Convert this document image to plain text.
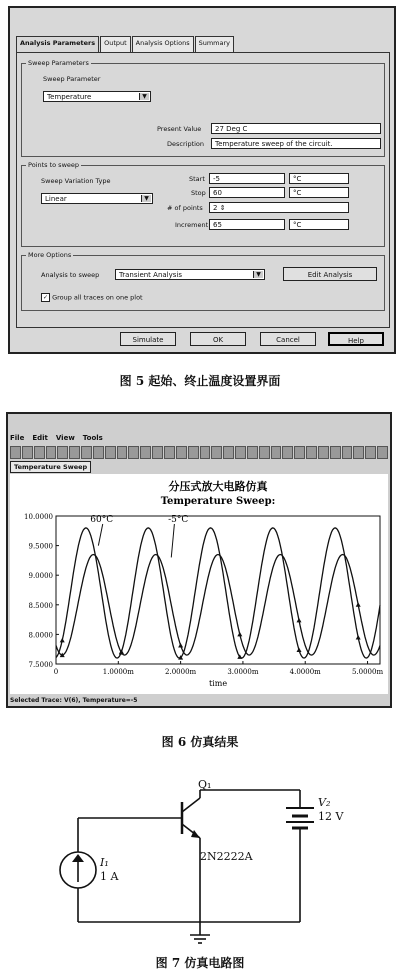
Analysis Parameters	Output	Analysis Options	Summary
Sweep Parameters
Sweep Parameter
Temperature	▼
Present Value	27 Deg C
Description	Temperature sweep of the circuit.
Points to sweep
Sweep Variation Type
Linear	▼
Start	-5	°C
Stop	60	°C
# of points	2 ⇕
Increment 65	°C
More Options
Analysis to sweep	Transient Analysis	▼	Edit Analysis
✓ Group all traces on one plot
Simulate	OK	Cancel	Help
图 5 起始、终止温度设置界面
File Edit View Tools
Temperature Sweep
分压式放大电路仿真
Temperature Sweep:
7.5000
8.0000
8.5000
9.0000
9.5000
10.0000
0	1.0000m	2.0000m	3.0000m	4.0000m	5.0000m
time
60°C	-5°C
Selected Trace: V(6), Temperature=-5
图 6 仿真结果
Q₁
2N2222A
V₂
12 V
I₁
1 A
图 7 仿真电路图
